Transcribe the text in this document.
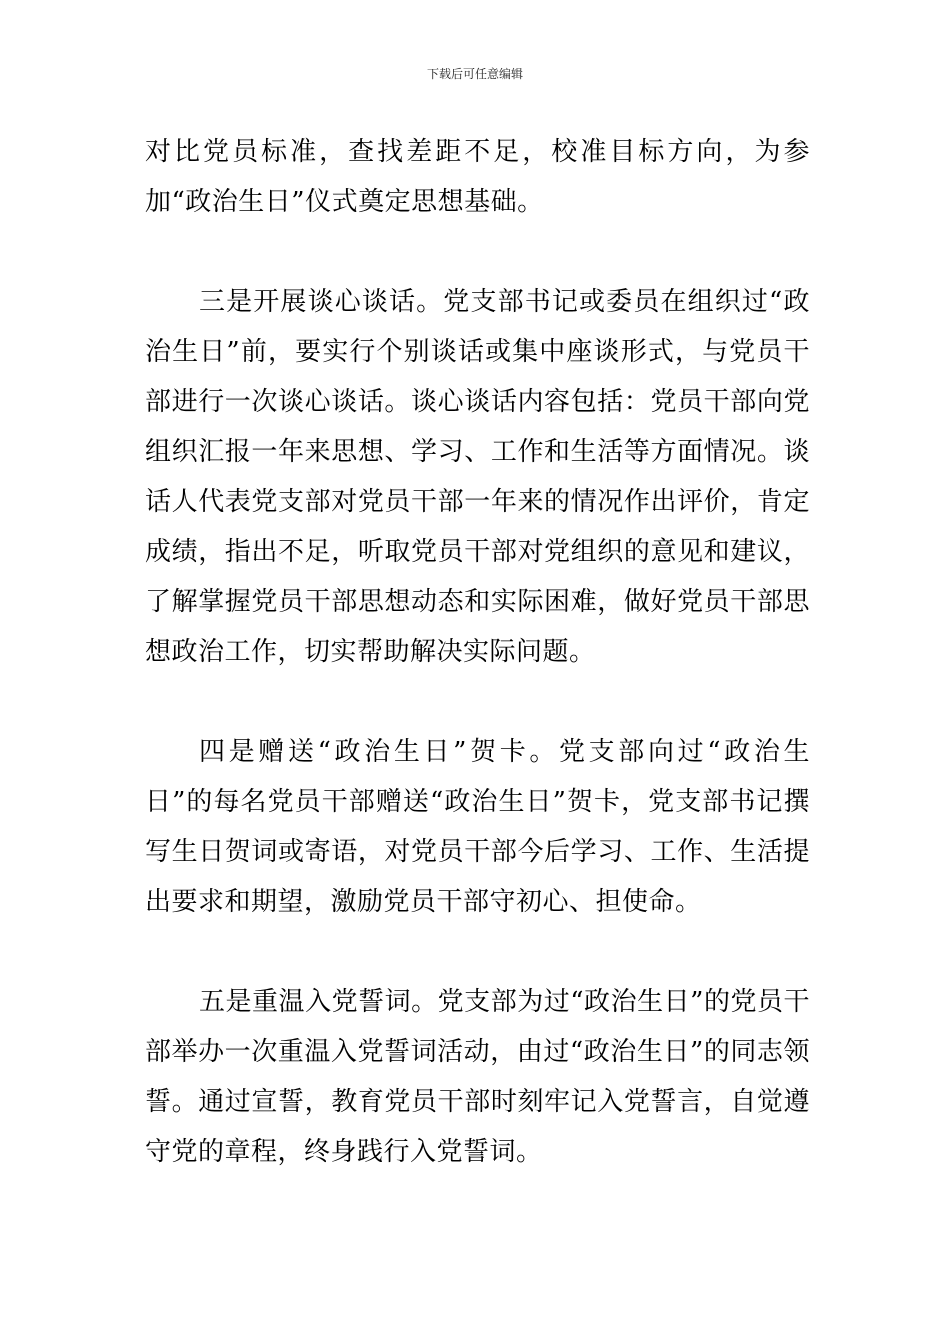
下载后可任意编辑

对比党员标准，查找差距不足，校准目标方向，为参加“政治生日”仪式奠定思想基础。

三是开展谈心谈话。党支部书记或委员在组织过“政治生日”前，要实行个别谈话或集中座谈形式，与党员干部进行一次谈心谈话。谈心谈话内容包括：党员干部向党组织汇报一年来思想、学习、工作和生活等方面情况。谈话人代表党支部对党员干部一年来的情况作出评价，肯定成绩，指出不足，听取党员干部对党组织的意见和建议，了解掌握党员干部思想动态和实际困难，做好党员干部思想政治工作，切实帮助解决实际问题。

四是赠送“政治生日”贺卡。党支部向过“政治生日”的每名党员干部赠送“政治生日”贺卡，党支部书记撰写生日贺词或寄语，对党员干部今后学习、工作、生活提出要求和期望，激励党员干部守初心、担使命。

五是重温入党誓词。党支部为过“政治生日”的党员干部举办一次重温入党誓词活动，由过“政治生日”的同志领誓。通过宣誓，教育党员干部时刻牢记入党誓言，自觉遵守党的章程，终身践行入党誓词。
